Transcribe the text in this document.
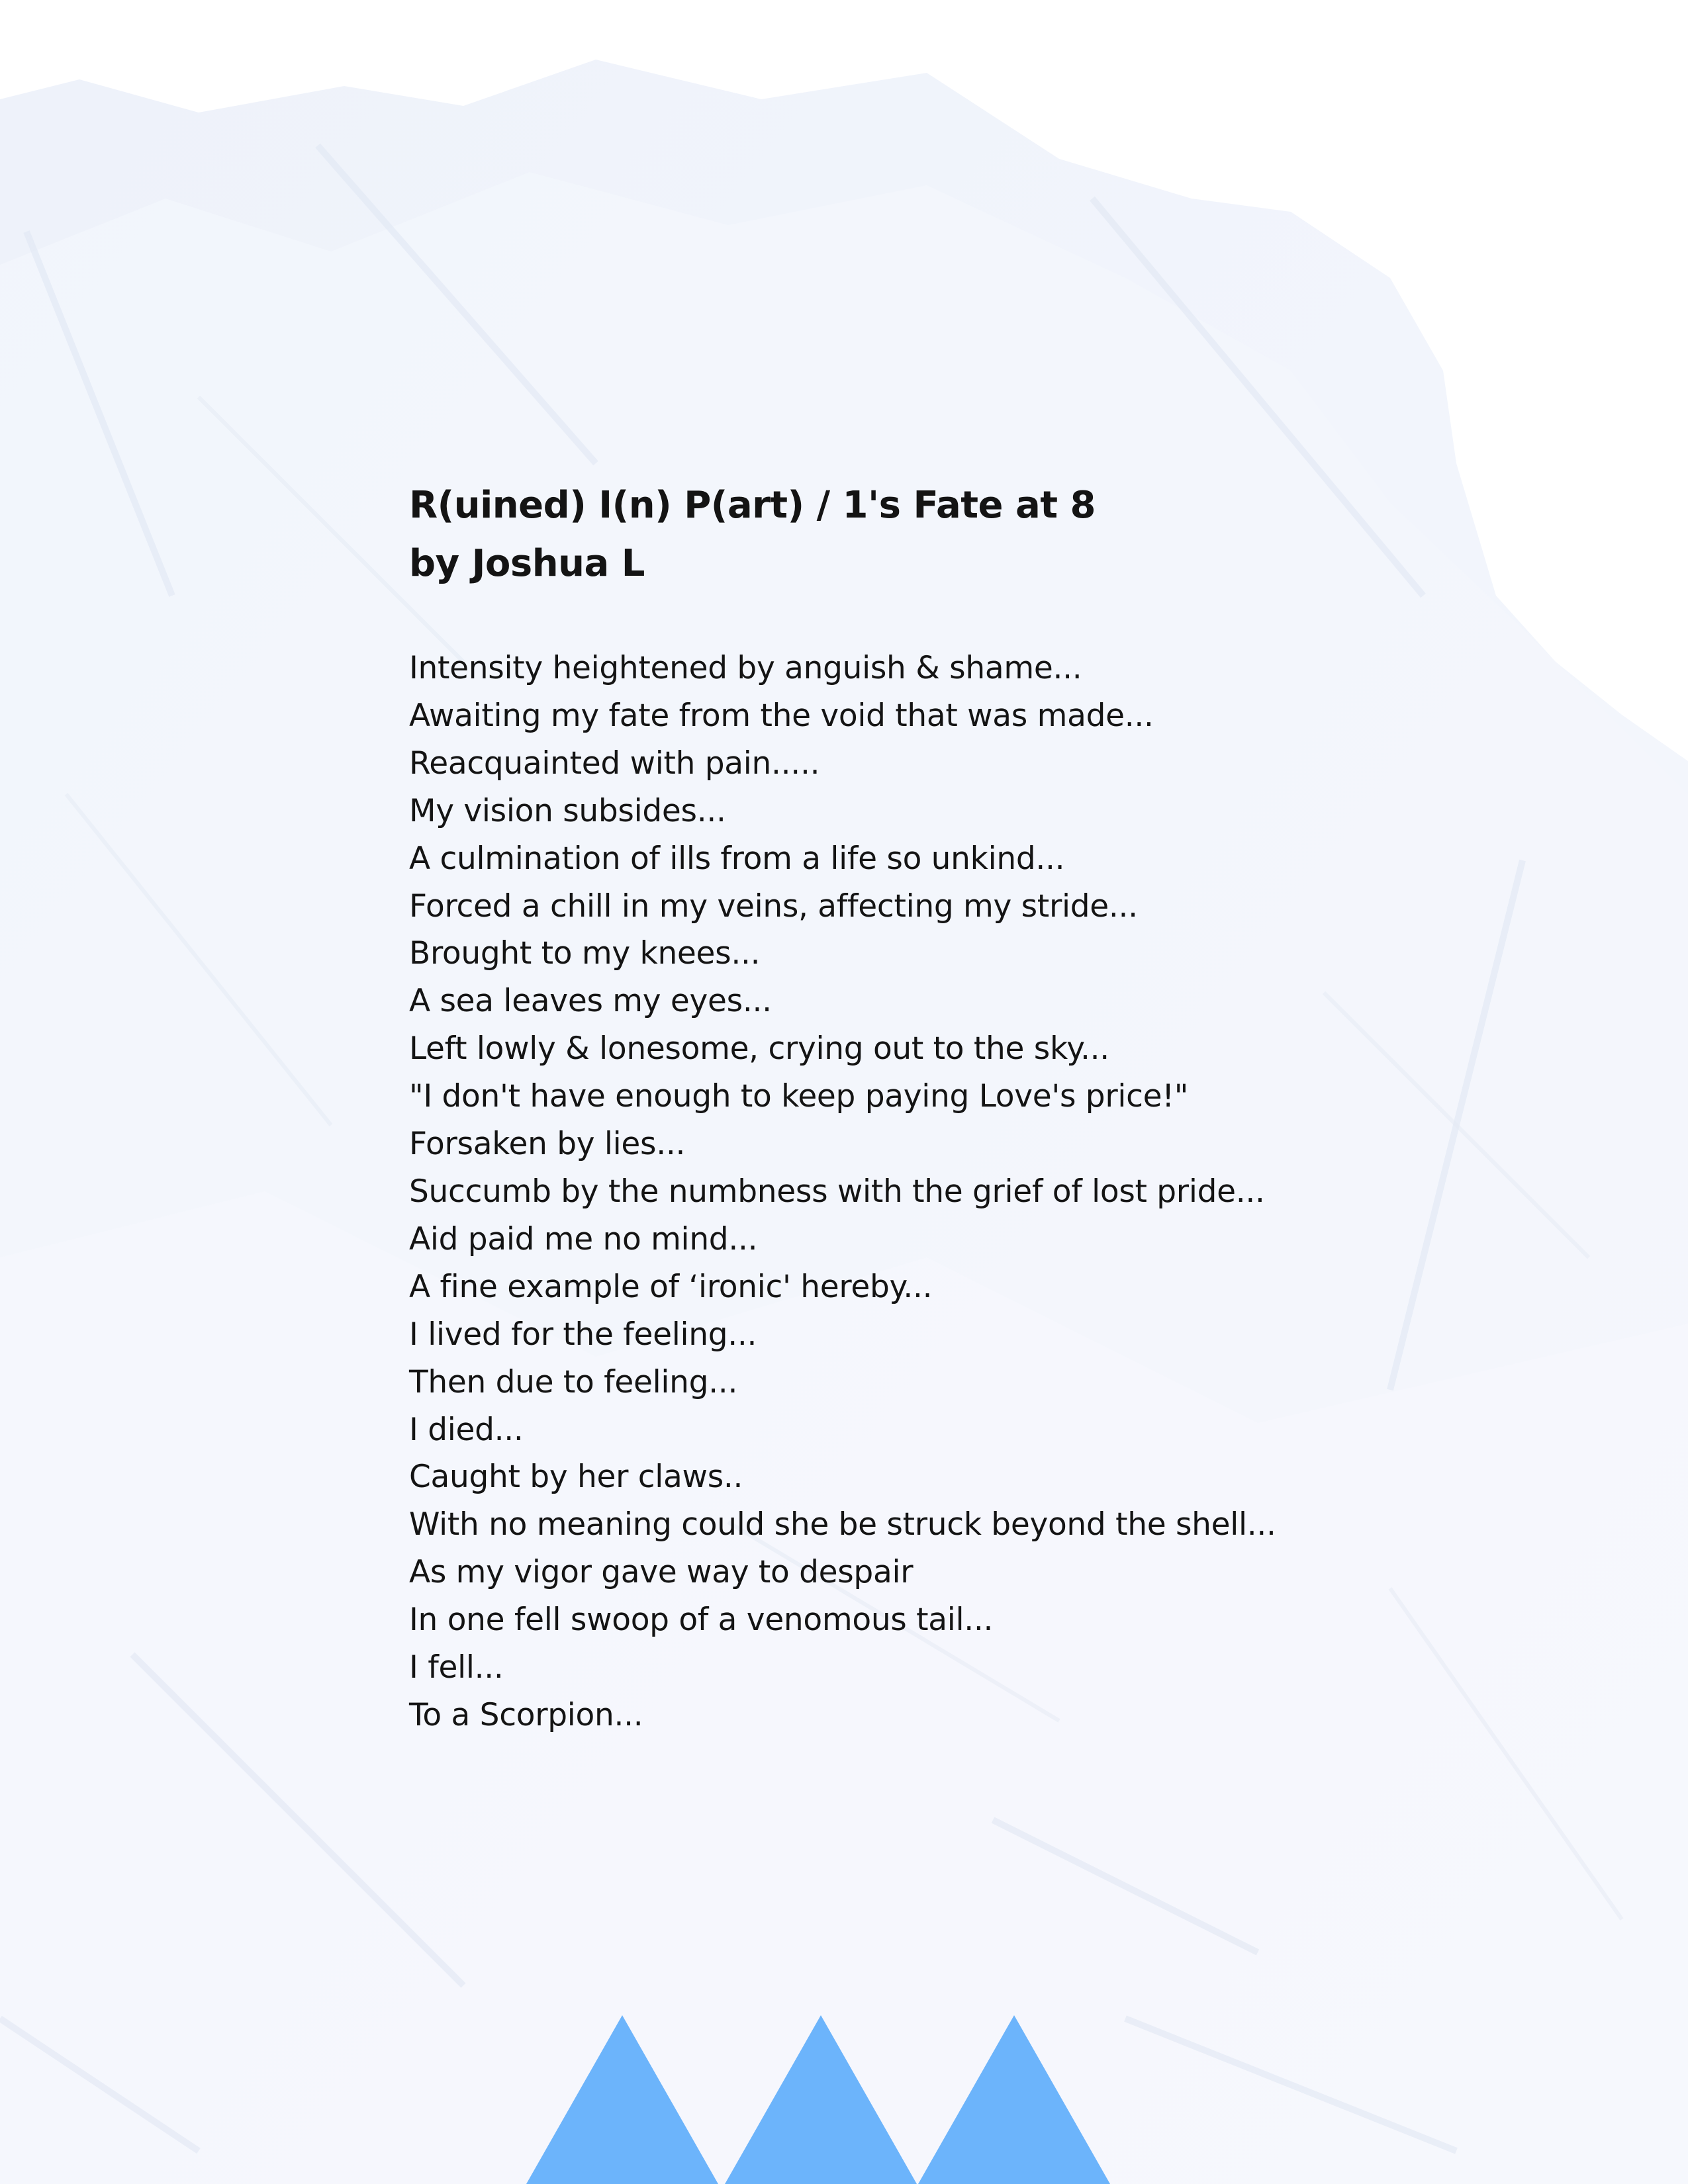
R(uined) I(n) P(art) / 1's Fate at 8
by Joshua L
Intensity heightened by anguish & shame...
Awaiting my fate from the void that was made...
Reacquainted with pain.....
My vision subsides...
A culmination of ills from a life so unkind...
Forced a chill in my veins, affecting my stride...
Brought to my knees...
A sea leaves my eyes...
Left lowly & lonesome, crying out to the sky...
"I don't have enough to keep paying Love's price!"
Forsaken by lies...
Succumb by the numbness with the grief of lost pride...
Aid paid me no mind...
A fine example of ‘ironic' hereby...
I lived for the feeling...
Then due to feeling...
I died...
Caught by her claws..
With no meaning could she be struck beyond the shell...
As my vigor gave way to despair
In one fell swoop of a venomous tail...
I fell...
To a Scorpion...
